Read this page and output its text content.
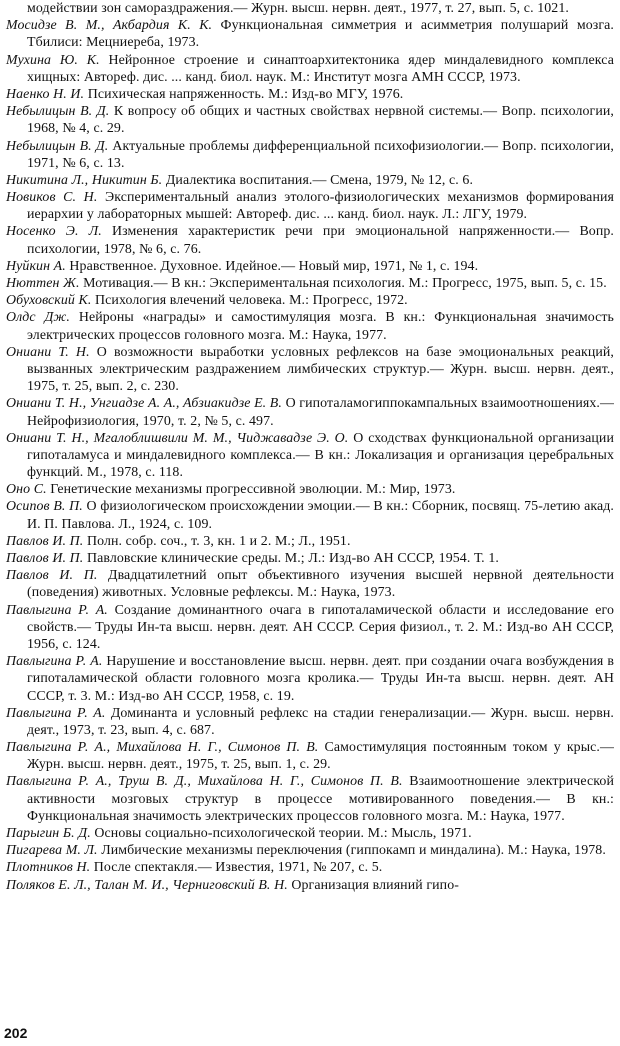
модействии зон самораздражения.— Журн. высш. нервн. деят., 1977, т. 27, вып. 5, с. 1021.

Мосидзе В. М., Акбардия К. К. Функциональная симметрия и асимметрия полушарий мозга. Тбилиси: Мецниереба, 1973.

Мухина Ю. К. Нейронное строение и синаптоархитектоника ядер миндалевидного комплекса хищных: Автореф. дис. ... канд. биол. наук. М.: Институт мозга АМН СССР, 1973.

Наенко Н. И. Психическая напряженность. М.: Изд-во МГУ, 1976.

Небылицын В. Д. К вопросу об общих и частных свойствах нервной системы.— Вопр. психологии, 1968, № 4, с. 29.

Небылицын В. Д. Актуальные проблемы дифференциальной психофизиологии.— Вопр. психологии, 1971, № 6, с. 13.

Никитина Л., Никитин Б. Диалектика воспитания.— Смена, 1979, № 12, с. 6.

Новиков С. Н. Экспериментальный анализ этолого-физиологических механизмов формирования иерархии у лабораторных мышей: Автореф. дис. ... канд. биол. наук. Л.: ЛГУ, 1979.

Носенко Э. Л. Изменения характеристик речи при эмоциональной напряженности.— Вопр. психологии, 1978, № 6, с. 76.

Нуйкин А. Нравственное. Духовное. Идейное.— Новый мир, 1971, № 1, с. 194.

Нюттен Ж. Мотивация.— В кн.: Экспериментальная психология. М.: Прогресс, 1975, вып. 5, с. 15.

Обуховский К. Психология влечений человека. М.: Прогресс, 1972.

Олдс Дж. Нейроны «награды» и самостимуляция мозга. В кн.: Функциональная значимость электрических процессов головного мозга. М.: Наука, 1977.

Ониани Т. Н. О возможности выработки условных рефлексов на базе эмоциональных реакций, вызванных электрическим раздражением лимбических структур.— Журн. высш. нервн. деят., 1975, т. 25, вып. 2, с. 230.

Ониани Т. Н., Унгиадзе А. А., Абзиакидзе Е. В. О гипоталамогиппокампальных взаимоотношениях.— Нейрофизиология, 1970, т. 2, № 5, с. 497.

Ониани Т. Н., Мгалоблишвили М. М., Чиджавадзе Э. О. О сходствах функциональной организации гипоталамуса и миндалевидного комплекса.— В кн.: Локализация и организация церебральных функций. М., 1978, с. 118.

Оно С. Генетические механизмы прогрессивной эволюции. М.: Мир, 1973.

Осипов В. П. О физиологическом происхождении эмоции.— В кн.: Сборник, посвящ. 75-летию акад. И. П. Павлова. Л., 1924, с. 109.

Павлов И. П. Полн. собр. соч., т. 3, кн. 1 и 2. М.; Л., 1951.

Павлов И. П. Павловские клинические среды. М.; Л.: Изд-во АН СССР, 1954. Т. 1.

Павлов И. П. Двадцатилетний опыт объективного изучения высшей нервной деятельности (поведения) животных. Условные рефлексы. М.: Наука, 1973.

Павлыгина Р. А. Создание доминантного очага в гипоталамической области и исследование его свойств.— Труды Ин-та высш. нервн. деят. АН СССР. Серия физиол., т. 2. М.: Изд-во АН СССР, 1956, с. 124.

Павлыгина Р. А. Нарушение и восстановление высш. нервн. деят. при создании очага возбуждения в гипоталамической области головного мозга кролика.— Труды Ин-та высш. нервн. деят. АН СССР, т. 3. М.: Изд-во АН СССР, 1958, с. 19.

Павлыгина Р. А. Доминанта и условный рефлекс на стадии генерализации.— Журн. высш. нервн. деят., 1973, т. 23, вып. 4, с. 687.

Павлыгина Р. А., Михайлова Н. Г., Симонов П. В. Самостимуляция постоянным током у крыс.— Журн. высш. нервн. деят., 1975, т. 25, вып. 1, с. 29.

Павлыгина Р. А., Труш В. Д., Михайлова Н. Г., Симонов П. В. Взаимоотношение электрической активности мозговых структур в процессе мотивированного поведения.— В кн.: Функциональная значимость электрических процессов головного мозга. М.: Наука, 1977.

Парыгин Б. Д. Основы социально-психологической теории. М.: Мысль, 1971.

Пигарева М. Л. Лимбические механизмы переключения (гиппокамп и миндалина). М.: Наука, 1978.

Плотников Н. После спектакля.— Известия, 1971, № 207, с. 5.

Поляков Е. Л., Талан М. И., Черниговский В. Н. Организация влияний гипо-

202
